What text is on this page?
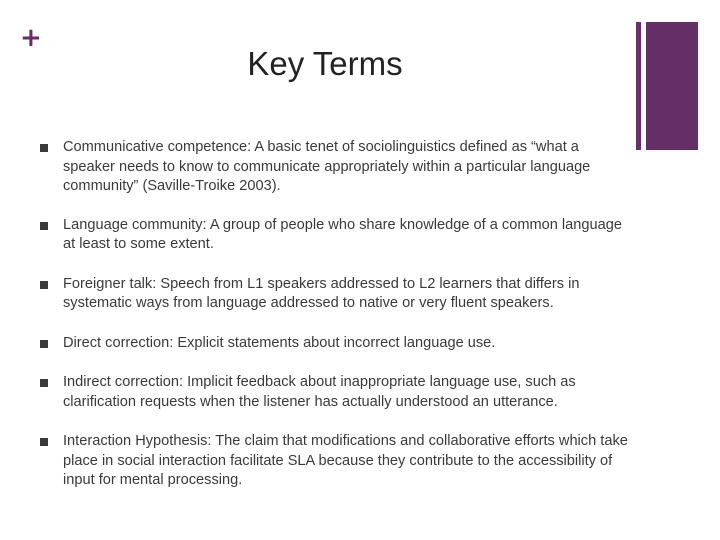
+
Key Terms
Communicative competence: A basic tenet of sociolinguistics defined as “what a speaker needs to know to communicate appropriately within a particular language community” (Saville-Troike 2003).
Language community: A group of people who share knowledge of a common language at least to some extent.
Foreigner talk: Speech from L1 speakers addressed to L2 learners that differs in systematic ways from language addressed to native or very fluent speakers.
Direct correction: Explicit statements about incorrect language use.
Indirect correction: Implicit feedback about inappropriate language use, such as clarification requests when the listener has actually understood an utterance.
Interaction Hypothesis: The claim that modifications and collaborative efforts which take place in social interaction facilitate SLA because they contribute to the accessibility of input for mental processing.
